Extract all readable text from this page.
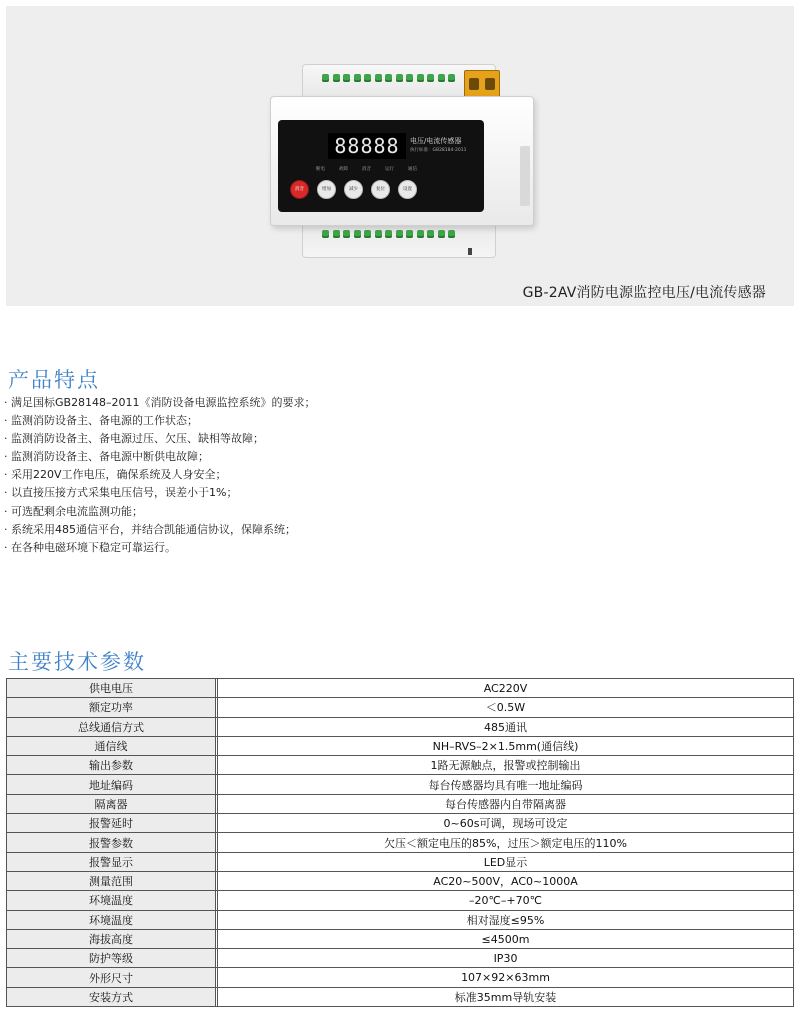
88888	电压/电流传感器
执行标准：GB28184-2011
断电	故障	消音	运行	通信
消音	增加	减少	复位	设置
GB-2AV消防电源监控电压/电流传感器
产品特点
· 满足国标GB28148–2011《消防设备电源监控系统》的要求；
· 监测消防设备主、备电源的工作状态；
· 监测消防设备主、备电源过压、欠压、缺相等故障；
· 监测消防设备主、备电源中断供电故障；
· 采用220V工作电压，确保系统及人身安全；
· 以直接压接方式采集电压信号，误差小于1%；
· 可选配剩余电流监测功能；
· 系统采用485通信平台，并结合凯能通信协议，保障系统；
· 在各种电磁环境下稳定可靠运行。
主要技术参数
供电电压		AC220V
额定功率		＜0.5W
总线通信方式		485通讯
通信线		NH–RVS–2×1.5mm(通信线)
输出参数		1路无源触点，报警或控制输出
地址编码		每台传感器均具有唯一地址编码
隔离器		每台传感器内自带隔离器
报警延时		0~60s可调，现场可设定
报警参数		欠压＜额定电压的85%，过压＞额定电压的110%
报警显示		LED显示
测量范围		AC20~500V，AC0~1000A
环境温度		–20℃–+70℃
环境温度		相对湿度≤95%
海拔高度		≤4500m
防护等级		IP30
外形尺寸		107×92×63mm
安装方式		标准35mm导轨安装
